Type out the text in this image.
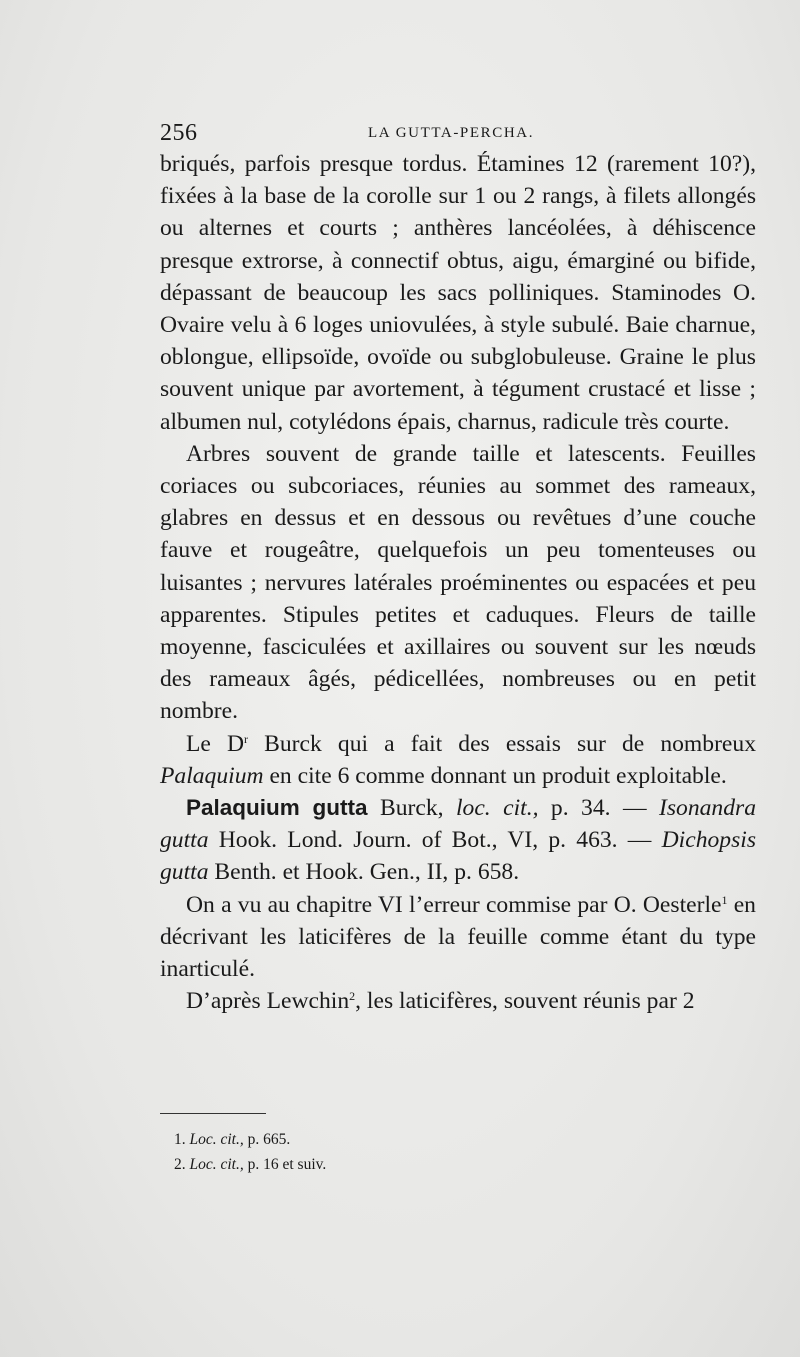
256	LA GUTTA-PERCHA.

briqués, parfois presque tordus. Étamines 12 (rarement 10?), fixées à la base de la corolle sur 1 ou 2 rangs, à filets allongés ou alternes et courts ; anthères lancéolées, à déhiscence presque extrorse, à connectif obtus, aigu, émarginé ou bifide, dépassant de beaucoup les sacs polliniques. Staminodes O. Ovaire velu à 6 loges uniovulées, à style subulé. Baie charnue, oblongue, ellipsoïde, ovoïde ou subglobuleuse. Graine le plus souvent unique par avortement, à tégument crustacé et lisse ; albumen nul, cotylédons épais, charnus, radicule très courte.

Arbres souvent de grande taille et latescents. Feuilles coriaces ou subcoriaces, réunies au sommet des rameaux, glabres en dessus et en dessous ou revêtues d’une couche fauve et rougeâtre, quelquefois un peu tomenteuses ou luisantes ; nervures latérales proéminentes ou espacées et peu apparentes. Stipules petites et caduques. Fleurs de taille moyenne, fasciculées et axillaires ou souvent sur les nœuds des rameaux âgés, pédicellées, nombreuses ou en petit nombre.

Le $D^r$ Burck qui a fait des essais sur de nombreux Palaquium en cite 6 comme donnant un produit exploitable.

Palaquium gutta Burck, loc. cit., p. 34. — Isonandra gutta Hook. Lond. Journ. of Bot., VI, p. 463. — Dichopsis gutta Benth. et Hook. Gen., II, p. 658.

On a vu au chapitre VI l’erreur commise par O. Oesterle$^1$ en décrivant les laticifères de la feuille comme étant du type inarticulé.

D’après Lewchin$^2$, les laticifères, souvent réunis par 2

1. Loc. cit., p. 665.
2. Loc. cit., p. 16 et suiv.
